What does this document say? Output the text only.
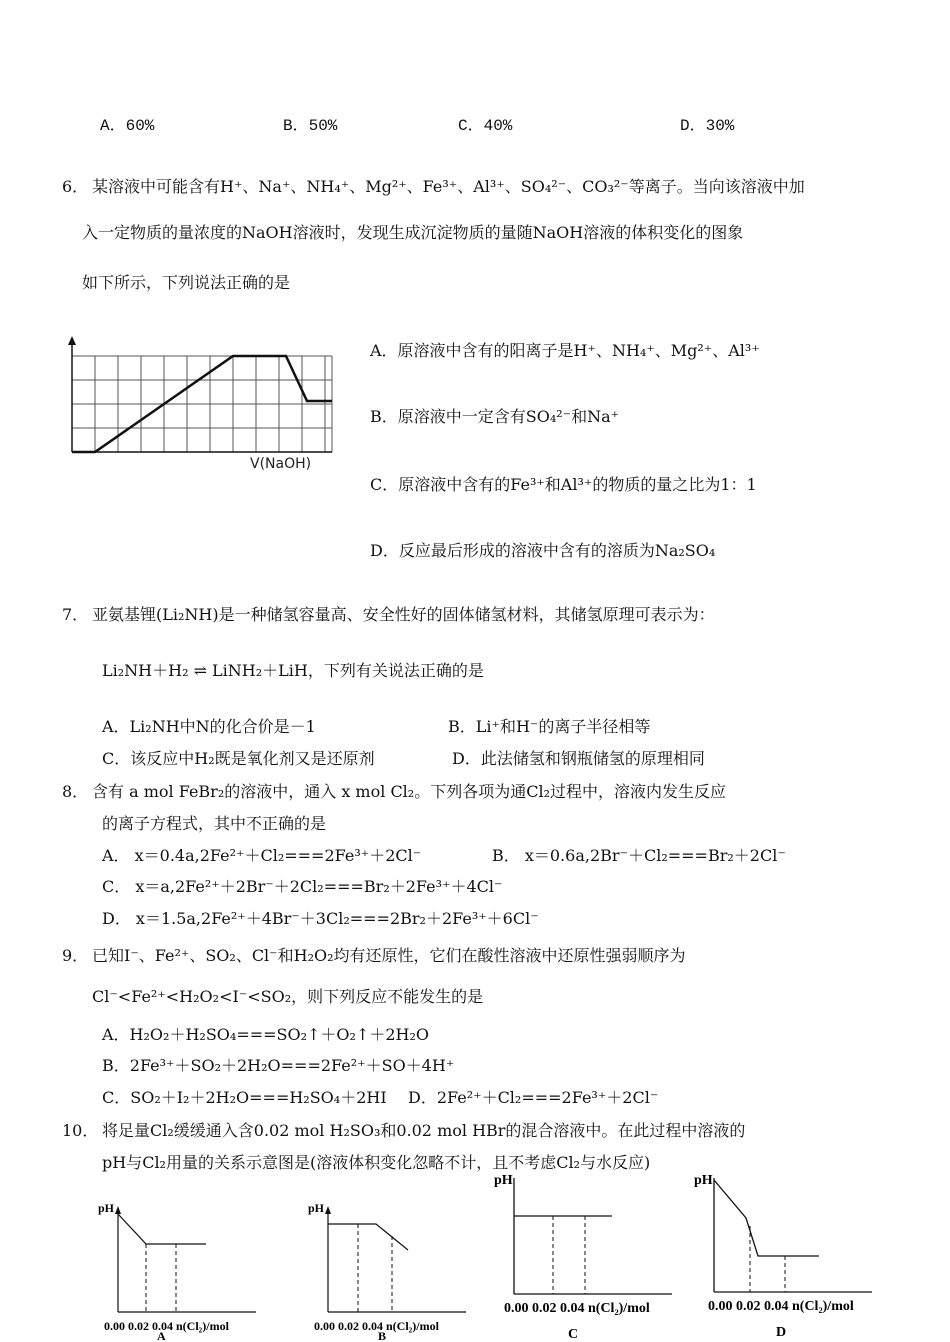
A．60%	B．50%	C．40%	D．30%
6． 某溶液中可能含有H⁺、Na⁺、NH₄⁺、Mg²⁺、Fe³⁺、Al³⁺、SO₄²⁻、CO₃²⁻等离子。当向该溶液中加
入一定物质的量浓度的NaOH溶液时，发现生成沉淀物质的量随NaOH溶液的体积变化的图象
如下所示，下列说法正确的是
V(NaOH)
A．原溶液中含有的阳离子是H⁺、NH₄⁺、Mg²⁺、Al³⁺
B．原溶液中一定含有SO₄²⁻和Na⁺
C．原溶液中含有的Fe³⁺和Al³⁺的物质的量之比为1：1
D．反应最后形成的溶液中含有的溶质为Na₂SO₄
7． 亚氨基锂(Li₂NH)是一种储氢容量高、安全性好的固体储氢材料，其储氢原理可表示为：
Li₂NH＋H₂ ⇌ LiNH₂＋LiH，下列有关说法正确的是
A．Li₂NH中N的化合价是－1	B．Li⁺和H⁻的离子半径相等
C．该反应中H₂既是氧化剂又是还原剂	D．此法储氢和钢瓶储氢的原理相同
8． 含有 a mol FeBr₂的溶液中，通入 x mol Cl₂。下列各项为通Cl₂过程中，溶液内发生反应
的离子方程式，其中不正确的是
A． x＝0.4a,2Fe²⁺＋Cl₂===2Fe³⁺＋2Cl⁻	B． x＝0.6a,2Br⁻＋Cl₂===Br₂＋2Cl⁻
C． x＝a,2Fe²⁺＋2Br⁻＋2Cl₂===Br₂＋2Fe³⁺＋4Cl⁻
D． x＝1.5a,2Fe²⁺＋4Br⁻＋3Cl₂===2Br₂＋2Fe³⁺＋6Cl⁻
9． 已知I⁻、Fe²⁺、SO₂、Cl⁻和H₂O₂均有还原性，它们在酸性溶液中还原性强弱顺序为
Cl⁻<Fe²⁺<H₂O₂<I⁻<SO₂，则下列反应不能发生的是
A．H₂O₂＋H₂SO₄===SO₂↑＋O₂↑＋2H₂O
B．2Fe³⁺＋SO₂＋2H₂O===2Fe²⁺＋SO＋4H⁺
C．SO₂＋I₂＋2H₂O===H₂SO₄＋2HI D．2Fe²⁺＋Cl₂===2Fe³⁺＋2Cl⁻
10． 将足量Cl₂缓缓通入含0.02 mol H₂SO₃和0.02 mol HBr的混合溶液中。在此过程中溶液的
pH与Cl₂用量的关系示意图是(溶液体积变化忽略不计，且不考虑Cl₂与水反应)
pH
0.00 0.02 0.04 n(Cl₂)/mol
A
pH
0.00 0.02 0.04 n(Cl₂)/mol
B
pH
0.00 0.02 0.04 n(Cl₂)/mol
C
pH
0.00 0.02 0.04 n(Cl₂)/mol
D
